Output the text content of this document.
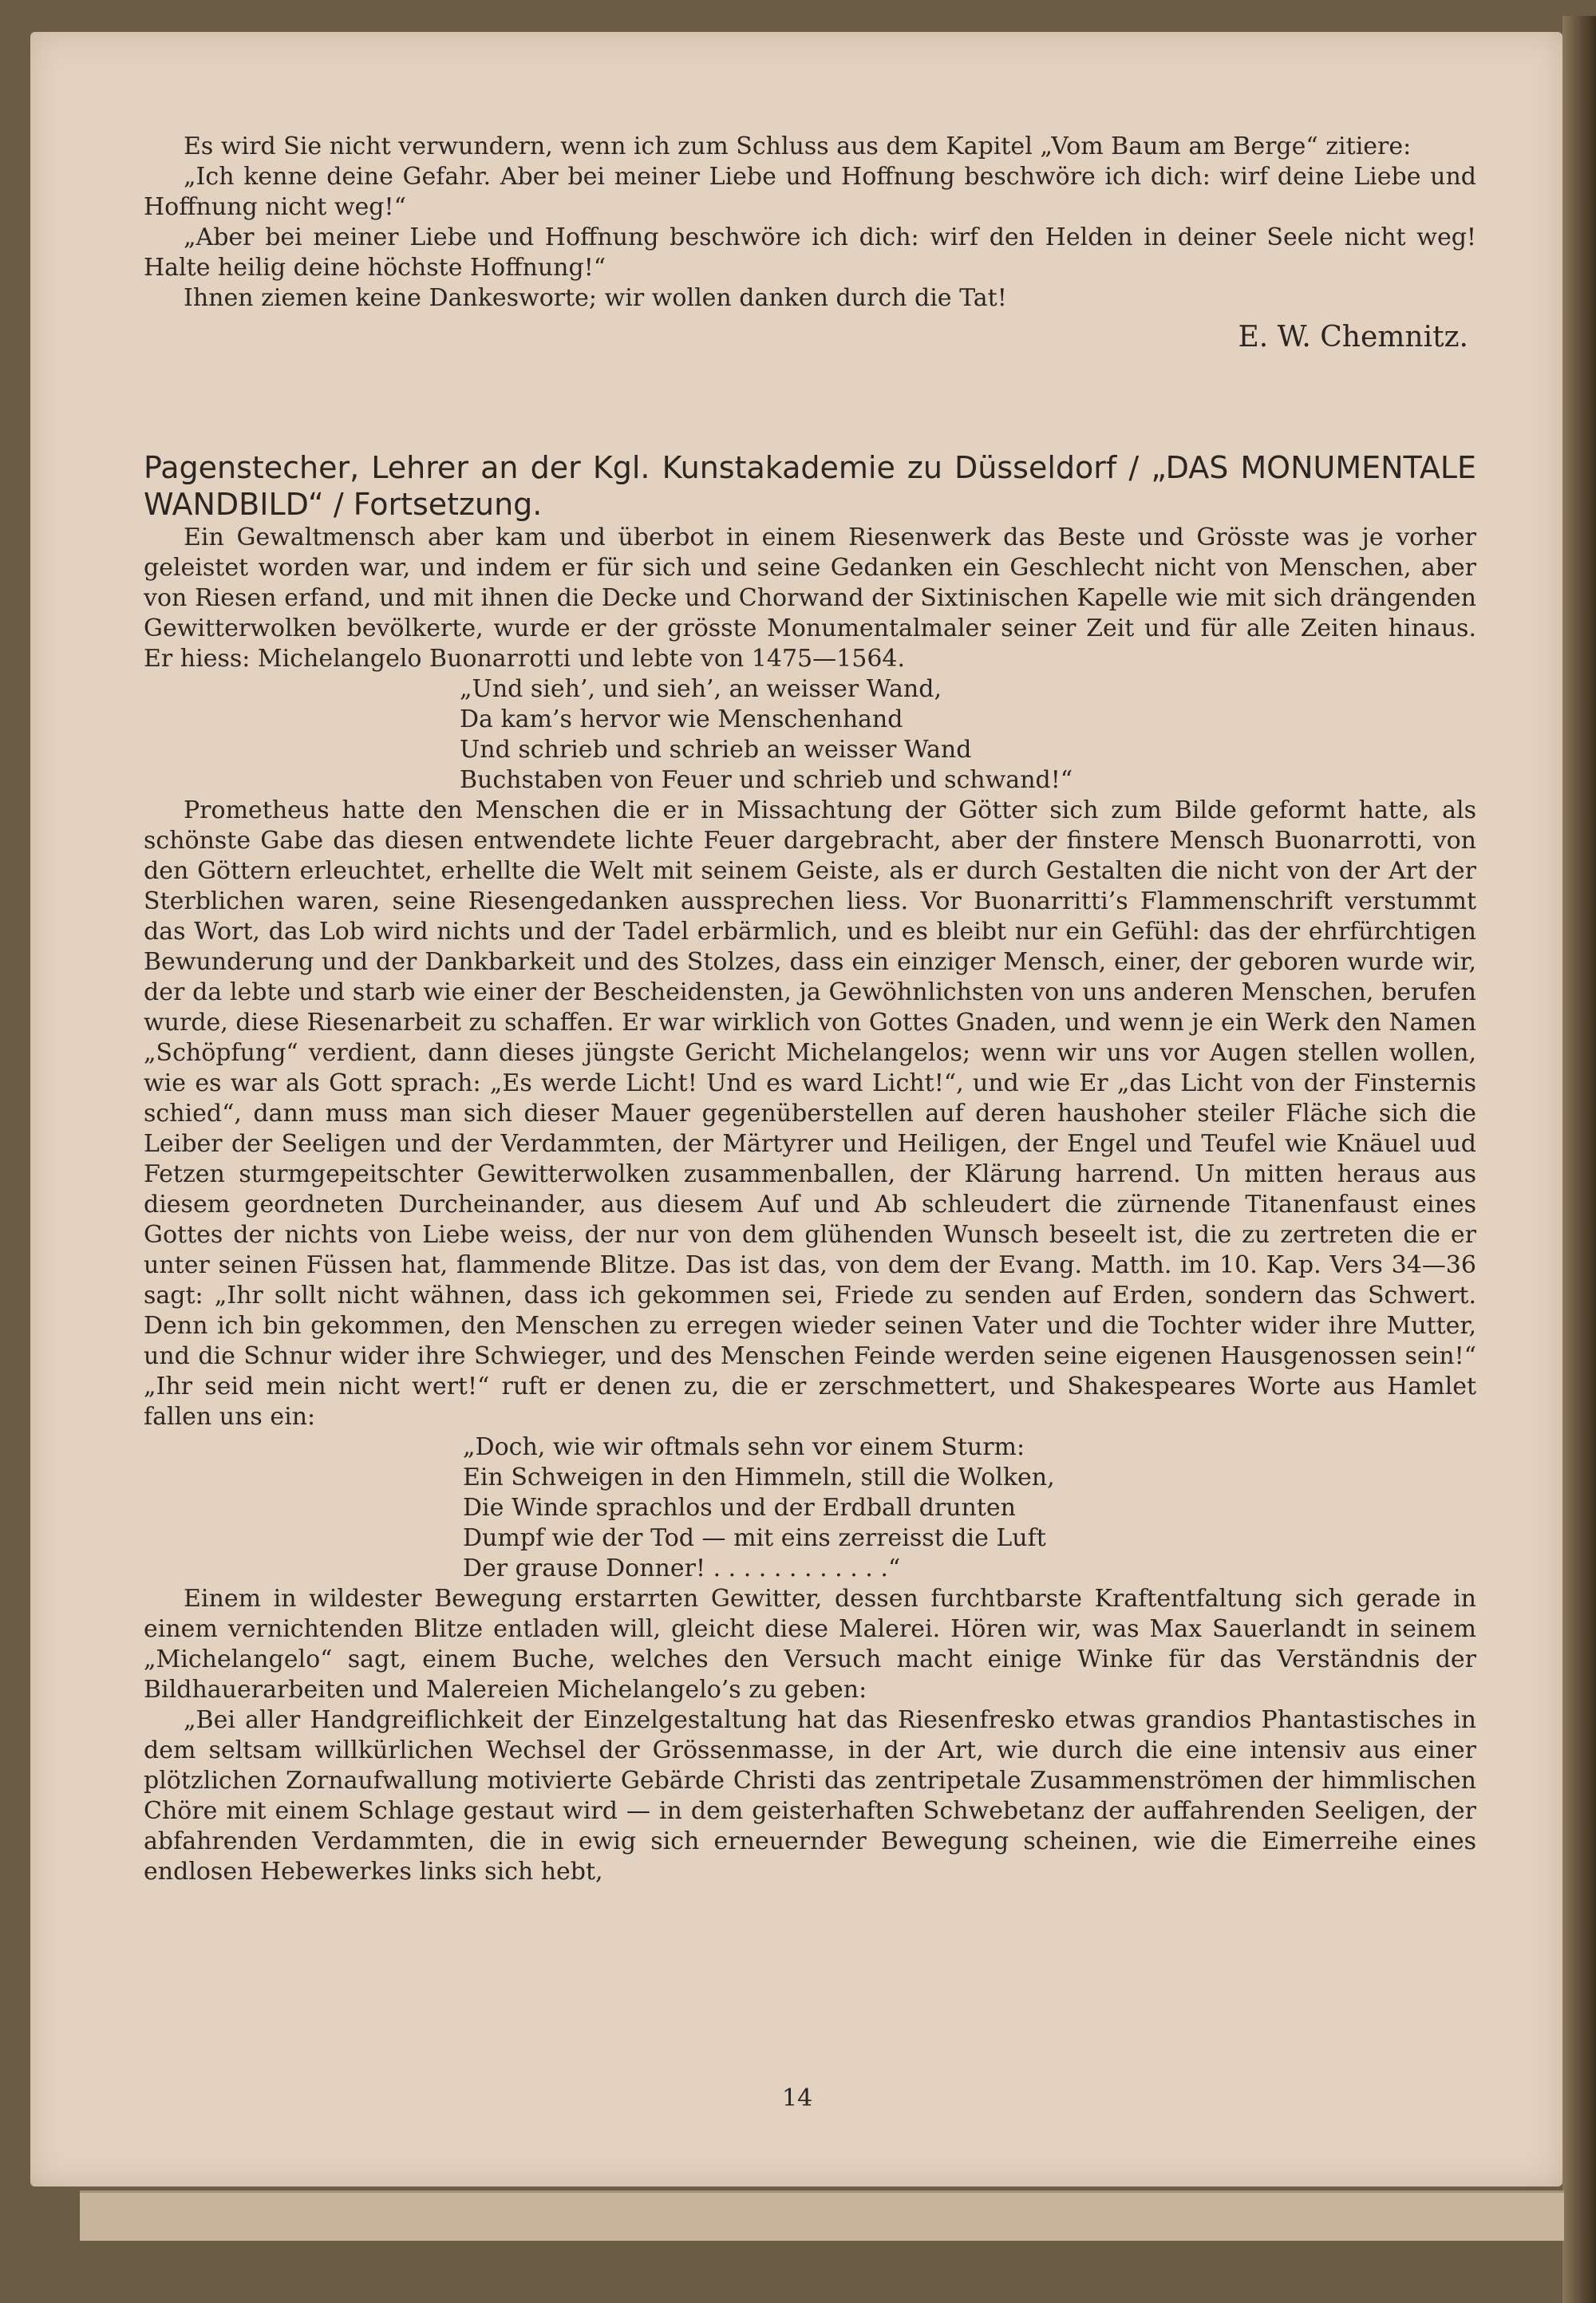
Es wird Sie nicht verwundern, wenn ich zum Schluss aus dem Kapitel „Vom Baum am Berge“ zitiere:

„Ich kenne deine Gefahr. Aber bei meiner Liebe und Hoffnung beschwöre ich dich: wirf deine Liebe und Hoffnung nicht weg!“

„Aber bei meiner Liebe und Hoffnung beschwöre ich dich: wirf den Helden in deiner Seele nicht weg! Halte heilig deine höchste Hoffnung!“

Ihnen ziemen keine Dankesworte; wir wollen danken durch die Tat!

E. W. Chemnitz.

Pagenstecher, Lehrer an der Kgl. Kunstakademie zu Düsseldorf / „DAS MONUMENTALE WANDBILD“ / Fortsetzung.

Ein Gewaltmensch aber kam und überbot in einem Riesenwerk das Beste und Grösste was je vorher geleistet worden war, und indem er für sich und seine Gedanken ein Geschlecht nicht von Menschen, aber von Riesen erfand, und mit ihnen die Decke und Chorwand der Sixtinischen Kapelle wie mit sich drängenden Gewitterwolken bevölkerte, wurde er der grösste Monumentalmaler seiner Zeit und für alle Zeiten hinaus. Er hiess: Michelangelo Buonarrotti und lebte von 1475—1564.

„Und sieh’, und sieh’, an weisser Wand,
Da kam’s hervor wie Menschenhand
Und schrieb und schrieb an weisser Wand
Buchstaben von Feuer und schrieb und schwand!“

Prometheus hatte den Menschen die er in Missachtung der Götter sich zum Bilde geformt hatte, als schönste Gabe das diesen entwendete lichte Feuer dargebracht, aber der finstere Mensch Buonarrotti, von den Göttern erleuchtet, erhellte die Welt mit seinem Geiste, als er durch Gestalten die nicht von der Art der Sterblichen waren, seine Riesengedanken aussprechen liess. Vor Buonarritti’s Flammenschrift verstummt das Wort, das Lob wird nichts und der Tadel erbärmlich, und es bleibt nur ein Gefühl: das der ehrfürchtigen Bewunderung und der Dankbarkeit und des Stolzes, dass ein einziger Mensch, einer, der geboren wurde wir, der da lebte und starb wie einer der Bescheidensten, ja Gewöhnlichsten von uns anderen Menschen, berufen wurde, diese Riesenarbeit zu schaffen. Er war wirklich von Gottes Gnaden, und wenn je ein Werk den Namen „Schöpfung“ verdient, dann dieses jüngste Gericht Michelangelos; wenn wir uns vor Augen stellen wollen, wie es war als Gott sprach: „Es werde Licht! Und es ward Licht!“, und wie Er „das Licht von der Finsternis schied“, dann muss man sich dieser Mauer gegenüberstellen auf deren haushoher steiler Fläche sich die Leiber der Seeligen und der Verdammten, der Märtyrer und Heiligen, der Engel und Teufel wie Knäuel uud Fetzen sturmgepeitschter Gewitterwolken zusammenballen, der Klärung harrend. Un mitten heraus aus diesem geordneten Durcheinander, aus diesem Auf und Ab schleudert die zürnende Titanenfaust eines Gottes der nichts von Liebe weiss, der nur von dem glühenden Wunsch beseelt ist, die zu zertreten die er unter seinen Füssen hat, flammende Blitze. Das ist das, von dem der Evang. Matth. im 10. Kap. Vers 34—36 sagt: „Ihr sollt nicht wähnen, dass ich gekommen sei, Friede zu senden auf Erden, sondern das Schwert. Denn ich bin gekommen, den Menschen zu erregen wieder seinen Vater und die Tochter wider ihre Mutter, und die Schnur wider ihre Schwieger, und des Menschen Feinde werden seine eigenen Hausgenossen sein!“ „Ihr seid mein nicht wert!“ ruft er denen zu, die er zerschmettert, und Shakespeares Worte aus Hamlet fallen uns ein:

„Doch, wie wir oftmals sehn vor einem Sturm:
Ein Schweigen in den Himmeln, still die Wolken,
Die Winde sprachlos und der Erdball drunten
Dumpf wie der Tod — mit eins zerreisst die Luft
Der grause Donner! . . . . . . . . . . . .“

Einem in wildester Bewegung erstarrten Gewitter, dessen furchtbarste Kraftentfaltung sich gerade in einem vernichtenden Blitze entladen will, gleicht diese Malerei. Hören wir, was Max Sauerlandt in seinem „Michelangelo“ sagt, einem Buche, welches den Versuch macht einige Winke für das Verständnis der Bildhauerarbeiten und Malereien Michelangelo’s zu geben:

„Bei aller Handgreiflichkeit der Einzelgestaltung hat das Riesenfresko etwas grandios Phantastisches in dem seltsam willkürlichen Wechsel der Grössenmasse, in der Art, wie durch die eine intensiv aus einer plötzlichen Zornaufwallung motivierte Gebärde Christi das zentripetale Zusammenströmen der himmlischen Chöre mit einem Schlage gestaut wird — in dem geisterhaften Schwebetanz der auffahrenden Seeligen, der abfahrenden Verdammten, die in ewig sich erneuernder Bewegung scheinen, wie die Eimerreihe eines endlosen Hebewerkes links sich hebt,

14
